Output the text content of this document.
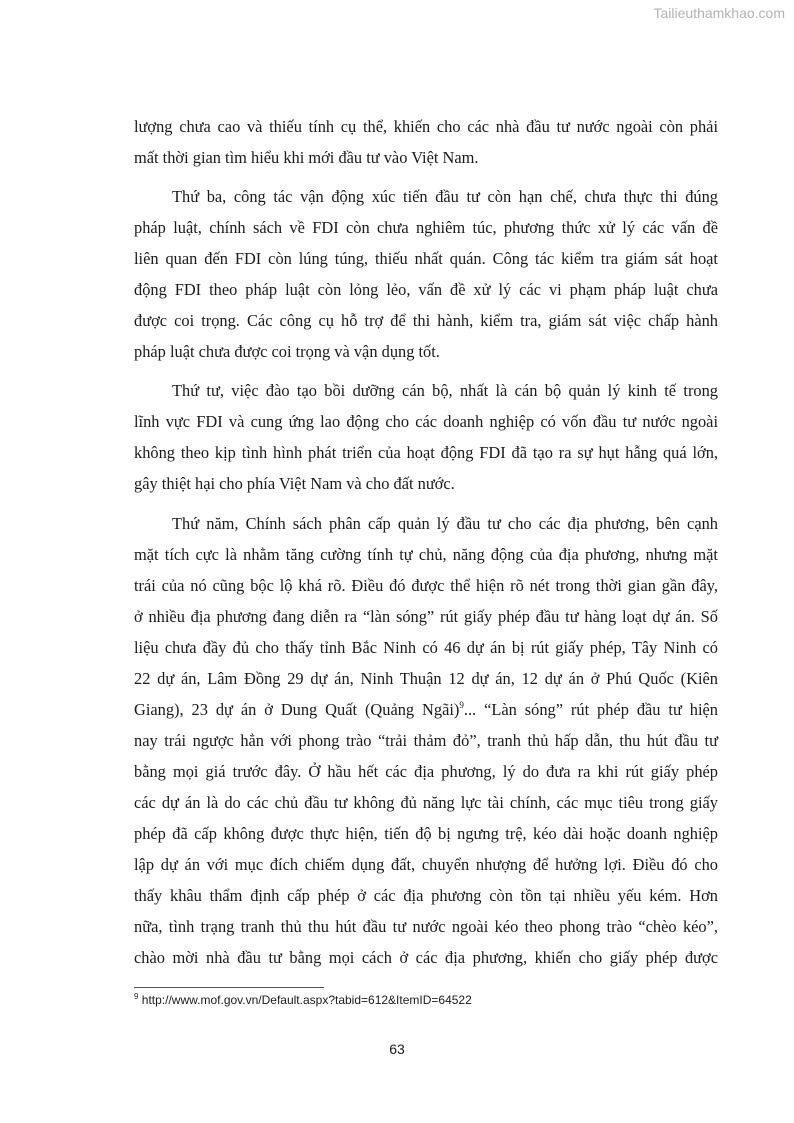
Tailieuthamkhao.com
lượng chưa cao và thiếu tính cụ thể, khiến cho các nhà đầu tư nước ngoài còn phải
mất thời gian tìm hiểu khi mới đầu tư vào Việt Nam.
Thứ ba, công tác vận động xúc tiến đầu tư còn hạn chế, chưa thực thi đúng
pháp luật, chính sách về FDI còn chưa nghiêm túc, phương thức xử lý các vấn đề
liên quan đến FDI còn lúng túng, thiếu nhất quán. Công tác kiểm tra giám sát hoạt
động FDI theo pháp luật còn lỏng lẻo, vấn đề xử lý các vi phạm pháp luật chưa
được coi trọng. Các công cụ hỗ trợ để thi hành, kiểm tra, giám sát việc chấp hành
pháp luật chưa được coi trọng và vận dụng tốt.
Thứ tư, việc đào tạo bồi dưỡng cán bộ, nhất là cán bộ quản lý kinh tế trong
lĩnh vực FDI và cung ứng lao động cho các doanh nghiệp có vốn đầu tư nước ngoài
không theo kịp tình hình phát triển của hoạt động FDI đã tạo ra sự hụt hẫng quá lớn,
gây thiệt hại cho phía Việt Nam và cho đất nước.
Thứ năm, Chính sách phân cấp quản lý đầu tư cho các địa phương, bên cạnh
mặt tích cực là nhằm tăng cường tính tự chủ, năng động của địa phương, nhưng mặt
trái của nó cũng bộc lộ khá rõ. Điều đó được thể hiện rõ nét trong thời gian gần đây,
ở nhiều địa phương đang diễn ra “làn sóng” rút giấy phép đầu tư hàng loạt dự án. Số
liệu chưa đầy đủ cho thấy tỉnh Bắc Ninh có 46 dự án bị rút giấy phép, Tây Ninh có
22 dự án, Lâm Đồng 29 dự án, Ninh Thuận 12 dự án, 12 dự án ở Phú Quốc (Kiên
Giang), 23 dự án ở Dung Quất (Quảng Ngãi)$^9$... “Làn sóng” rút phép đầu tư hiện
nay trái ngược hẳn với phong trào “trải thảm đỏ”, tranh thủ hấp dẫn, thu hút đầu tư
bằng mọi giá trước đây. Ở hầu hết các địa phương, lý do đưa ra khi rút giấy phép
các dự án là do các chủ đầu tư không đủ năng lực tài chính, các mục tiêu trong giấy
phép đã cấp không được thực hiện, tiến độ bị ngưng trệ, kéo dài hoặc doanh nghiệp
lập dự án với mục đích chiếm dụng đất, chuyển nhượng để hưởng lợi. Điều đó cho
thấy khâu thẩm định cấp phép ở các địa phương còn tồn tại nhiều yếu kém. Hơn
nữa, tình trạng tranh thủ thu hút đầu tư nước ngoài kéo theo phong trào “chèo kéo”,
chào mời nhà đầu tư bằng mọi cách ở các địa phương, khiến cho giấy phép được
$^9$ http://www.mof.gov.vn/Default.aspx?tabid=612&ItemID=64522
63
